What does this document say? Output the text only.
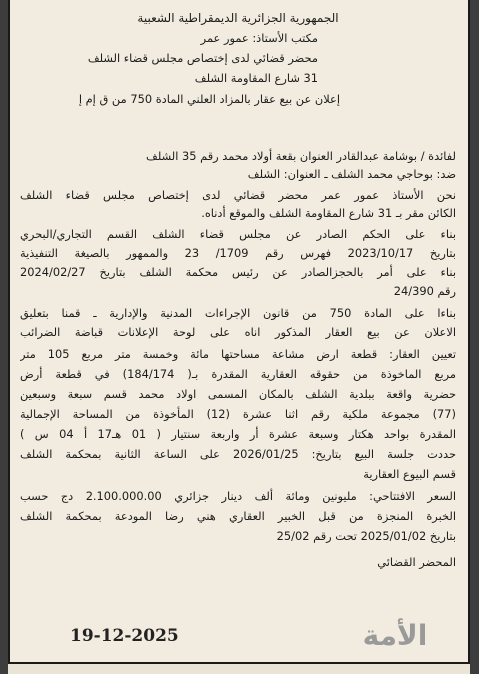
الجمهورية الجزائرية الديمقراطية الشعبية
مكتب الأستاذ: عمور عمر
محضر قضائي لدى إختصاص مجلس قضاء الشلف
31 شارع المقاومة الشلف
إعلان عن بيع عقار بالمزاد العلني المادة 750 من ق إم إ
لفائدة / بوشامة عبدالقادر العنوان بقعة أولاد محمد رقم 35 الشلف
ضد: بوحاجي محمد الشلف ـ العنوان: الشلف
نحن الأستاذ عمور عمر محضر قضائي لدى إختصاص مجلس قضاء الشلف
الكائن مقر بـ 31 شارع المقاومة الشلف والموقع أدناه.
بناء على الحكم الصادر عن مجلس قضاء الشلف القسم التجاري/البحري
بتاريخ 2023/10/17 فهرس رقم 1709/ 23 والممهور بالصيغة التنفيذية
بناء على أمر بالحجزالصادر عن رئيس محكمة الشلف بتاريخ 2024/02/27
رقم 24/390
بناءا على المادة 750 من قانون الإجراءات المدنية والإدارية ـ قمنا بتعليق
الاعلان عن بيع العقار المذكور اناه على لوحة الإعلانات قباضة الضرائب
تعيين العقار: قطعة ارض مشاعة مساحتها مائة وخمسة متر مربع 105 متر
مربع الماخوذة من حقوقه العقارية المقدرة بـ( 184/174) في قطعة أرض
حضرية واقعة ببلدية الشلف بالمكان المسمى اولاد محمد قسم سبعة وسبعين
(77) مجموعة ملكية رقم اثنا عشرة (12) المأخوذة من المساحة الإجمالية
المقدرة بواحد هكتار وسبعة عشرة أر واربعة سنتيار ( 01 هـ17 أ 04 س )
حددت جلسة البيع بتاريخ: 2026/01/25 على الساعة الثانية بمحكمة الشلف
قسم البيوع العقارية
السعر الافتتاحي: مليونين ومائة ألف دينار جزائري 2.100.000.00 دج حسب
الخبرة المنجزة من قبل الخبير العقاري هني رضا المودعة بمحكمة الشلف
بتاريخ 2025/01/02 تحت رقم 25/02
المحضر القضائي
19-12-2025	الأمة
